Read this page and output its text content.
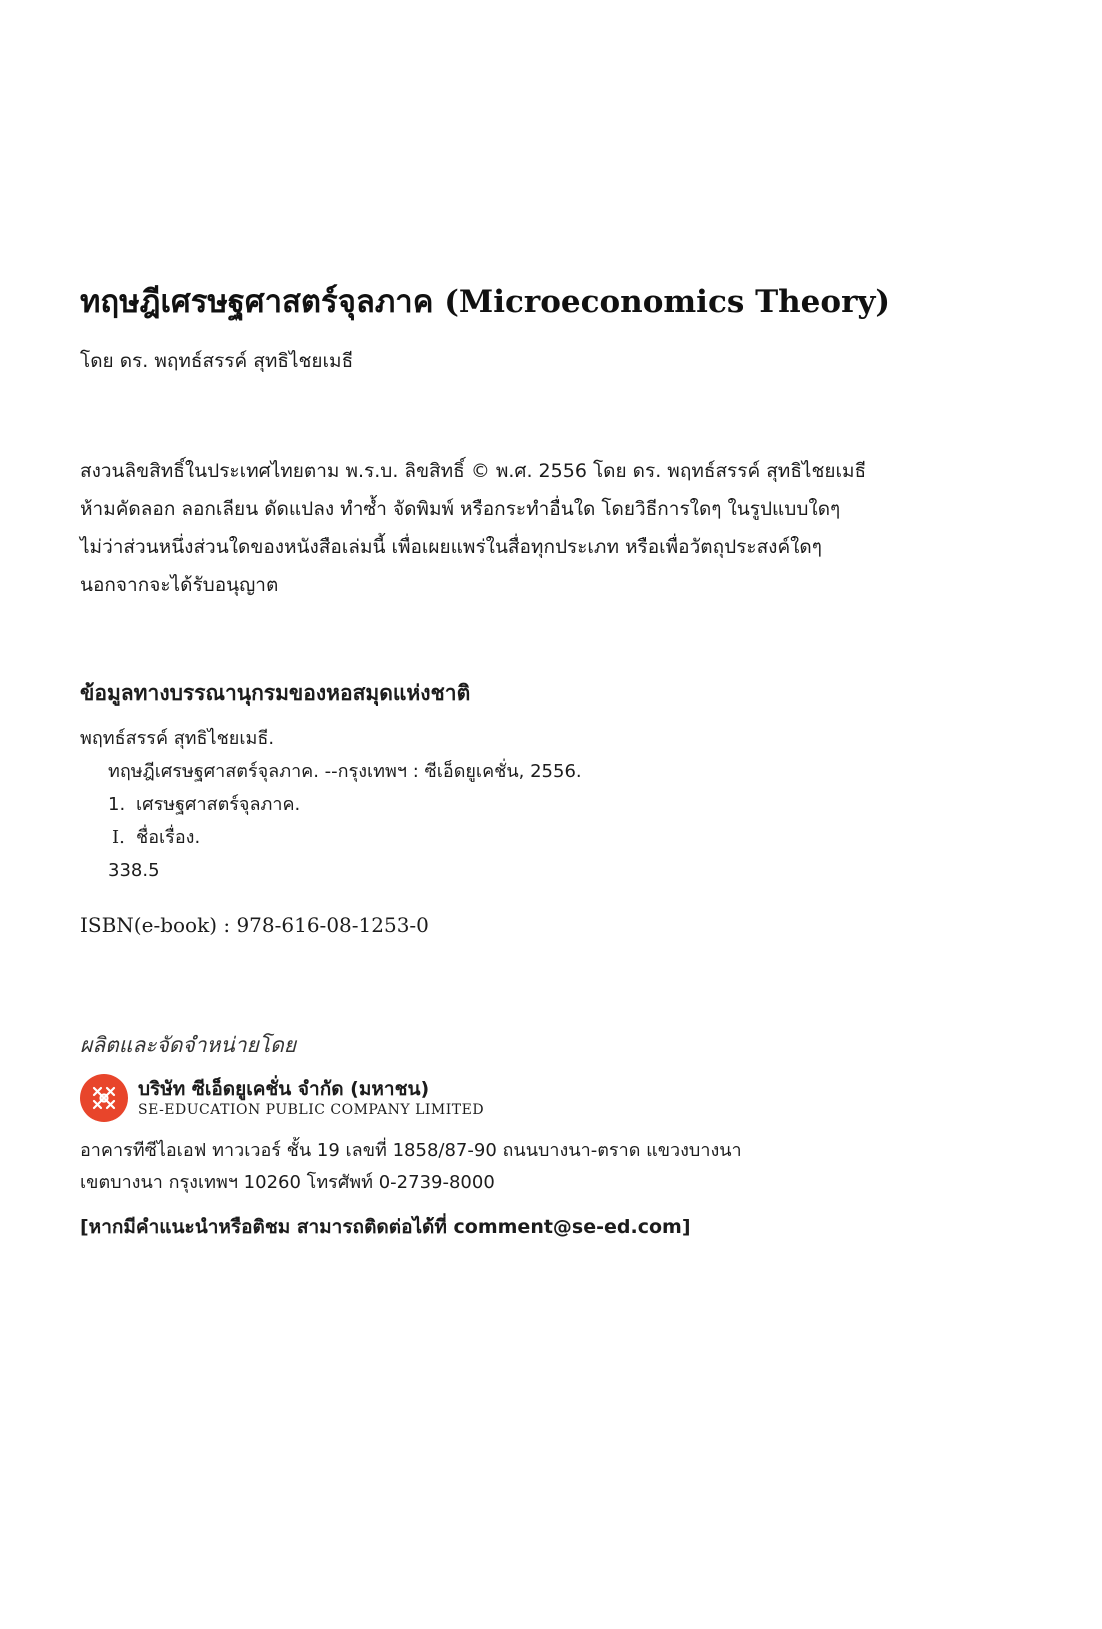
ทฤษฎีเศรษฐศาสตร์จุลภาค (Microeconomics Theory)
โดย ดร. พฤทธ์สรรค์ สุทธิไชยเมธี
สงวนลิขสิทธิ์ในประเทศไทยตาม พ.ร.บ. ลิขสิทธิ์ © พ.ศ. 2556 โดย ดร. พฤทธ์สรรค์ สุทธิไชยเมธี
ห้ามคัดลอก ลอกเลียน ดัดแปลง ทำซ้ำ จัดพิมพ์ หรือกระทำอื่นใด โดยวิธีการใดๆ ในรูปแบบใดๆ
ไม่ว่าส่วนหนึ่งส่วนใดของหนังสือเล่มนี้ เพื่อเผยแพร่ในสื่อทุกประเภท หรือเพื่อวัตถุประสงค์ใดๆ
นอกจากจะได้รับอนุญาต
ข้อมูลทางบรรณานุกรมของหอสมุดแห่งชาติ
พฤทธ์สรรค์ สุทธิไชยเมธี.
ทฤษฎีเศรษฐศาสตร์จุลภาค. --กรุงเทพฯ : ซีเอ็ดยูเคชั่น, 2556.
1. เศรษฐศาสตร์จุลภาค.
I. ชื่อเรื่อง.
338.5
ISBN(e-book) : 978-616-08-1253-0
ผลิตและจัดจำหน่ายโดย
บริษัท ซีเอ็ดยูเคชั่น จำกัด (มหาชน)
SE-EDUCATION PUBLIC COMPANY LIMITED
อาคารทีซีไอเอฟ ทาวเวอร์ ชั้น 19 เลขที่ 1858/87-90 ถนนบางนา-ตราด แขวงบางนา
เขตบางนา กรุงเทพฯ 10260 โทรศัพท์ 0-2739-8000
[หากมีคำแนะนำหรือติชม สามารถติดต่อได้ที่ comment@se-ed.com]
